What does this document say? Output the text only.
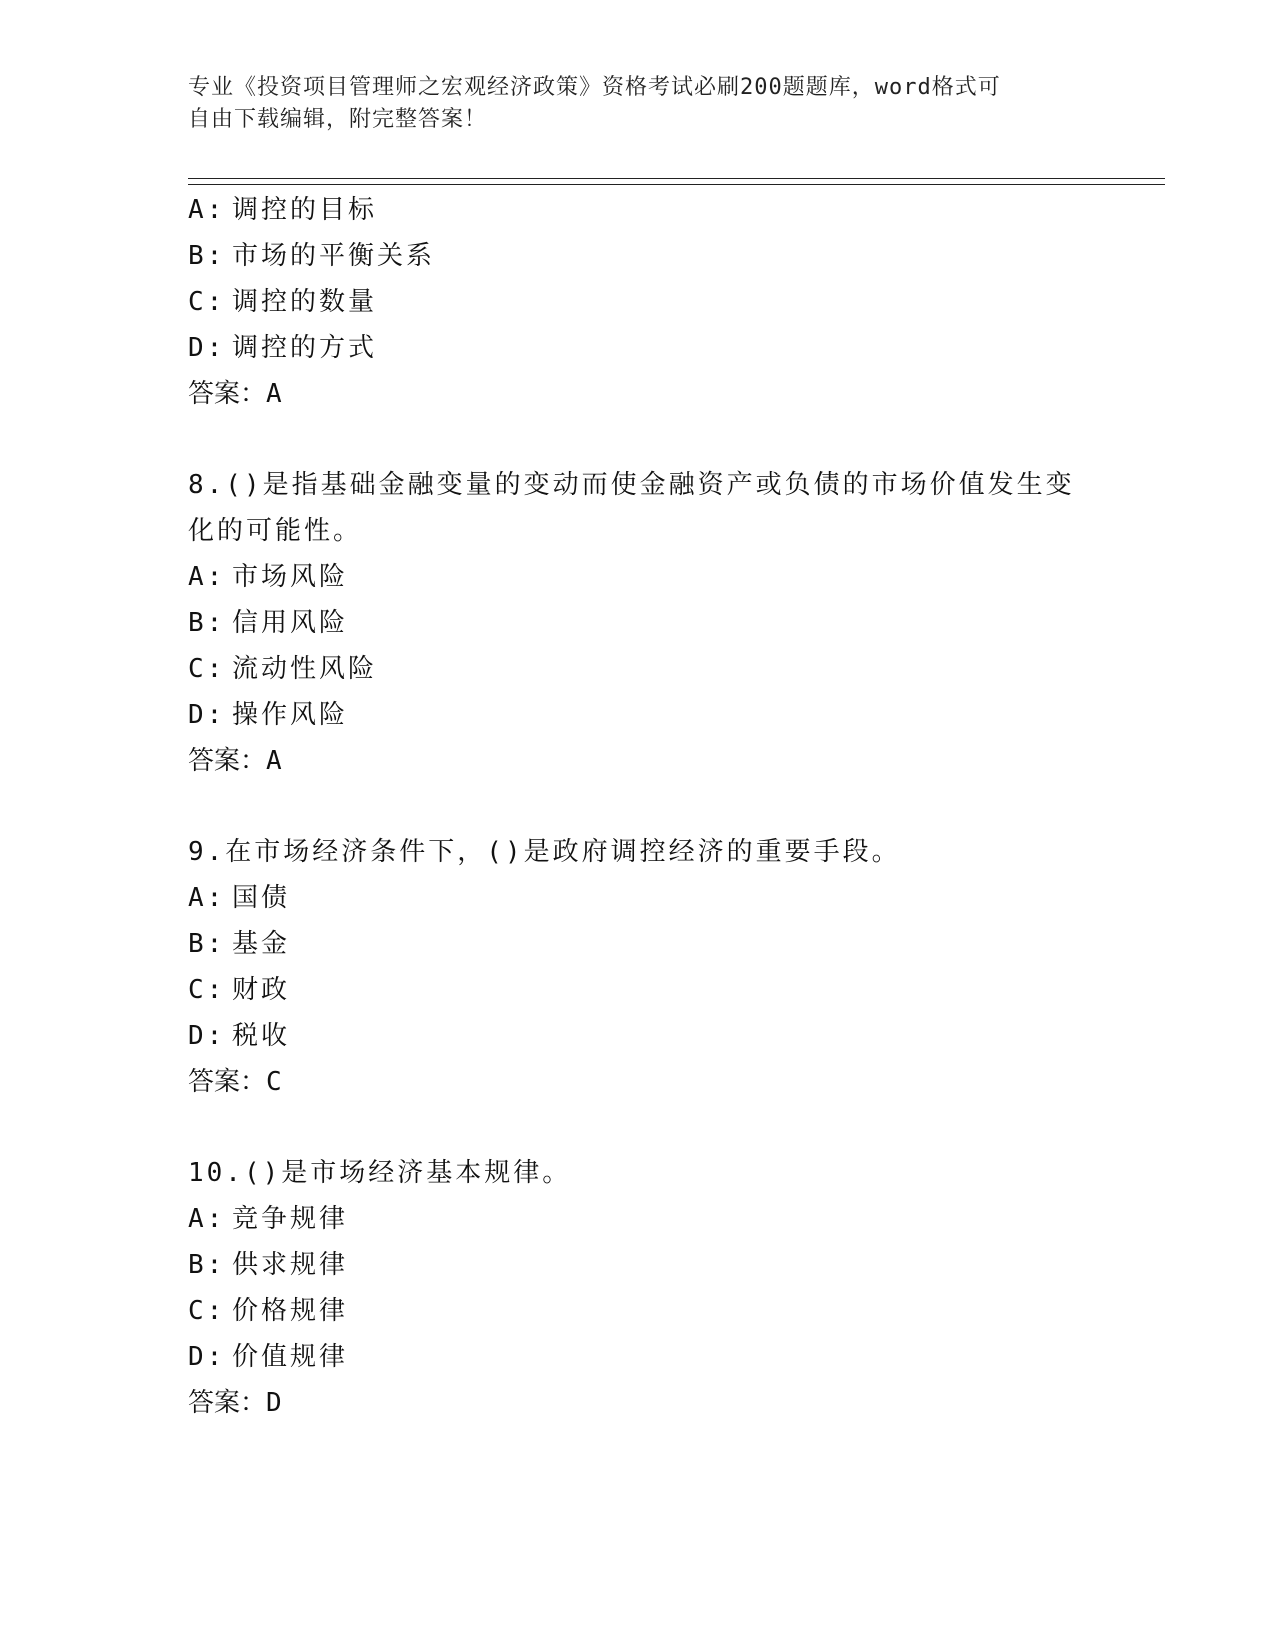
专业《投资项目管理师之宏观经济政策》资格考试必刷200题题库，word格式可
自由下载编辑，附完整答案！
A: 调控的目标
B: 市场的平衡关系
C: 调控的数量
D: 调控的方式
答案：A
8.()是指基础金融变量的变动而使金融资产或负债的市场价值发生变
化的可能性。
A: 市场风险
B: 信用风险
C: 流动性风险
D: 操作风险
答案：A
9.在市场经济条件下，()是政府调控经济的重要手段。
A: 国债
B: 基金
C: 财政
D: 税收
答案：C
10.()是市场经济基本规律。
A: 竞争规律
B: 供求规律
C: 价格规律
D: 价值规律
答案：D
